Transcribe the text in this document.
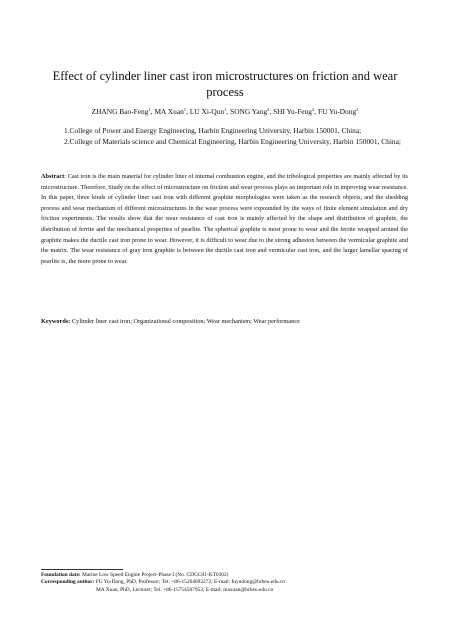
Effect of cylinder liner cast iron microstructures on friction and wear process
ZHANG Bao-Feng$^1$, MA Xuan$^1$, LU Xi-Qun$^1$, SONG Yang$^2$, SHI Yu-Feng$^2$, FU Yu-Dong$^2$
1. College of Power and Energy Engineering, Harbin Engineering University, Harbin 150001, China;
2. College of Materials science and Chemical Engineering, Harbin Engineering University, Harbin 150001, China;
Abstract: Cast iron is the main material for cylinder liner of internal combustion engine, and the tribological properties are mainly affected by its microstructure. Therefore, Study on the effect of microstructure on friction and wear process plays an important role in improving wear resistance. In this paper, three kinds of cylinder liner cast iron with different graphite morphologies were taken as the research objects, and the shedding process and wear mechanism of different microstructures in the wear process were expounded by the ways of finite element simulation and dry friction experiments. The results show that the wear resistance of cast iron is mainly affected by the shape and distribution of graphite, the distribution of ferrite and the mechanical properties of pearlite. The spherical graphite is most prone to wear and the ferrite wrapped around the graphite makes the ductile cast iron prone to wear. However, it is difficult to wear due to the strong adhesion between the vermicular graphite and the matrix. The wear resistance of gray iron graphite is between the ductile cast iron and vermicular cast iron, and the larger lamellar spacing of pearlite is, the more prone to wear.
Keywords: Cylinder liner cast iron; Organizational composition; Wear mechanism; Wear performance
Foundation date: Marine Low Speed Engine Project-Phase I (No. CDGC01-KT0302)
Corresponding author: FU Yu-Dong, PhD, Professor; Tel: +86-15204692272; E-mail: fuyudong@hrbeu.edu.cn
MA Xuan, PhD, Lecturer; Tel: +86-15754507953; E-mail: maxuan@hrbeu.edu.cn
